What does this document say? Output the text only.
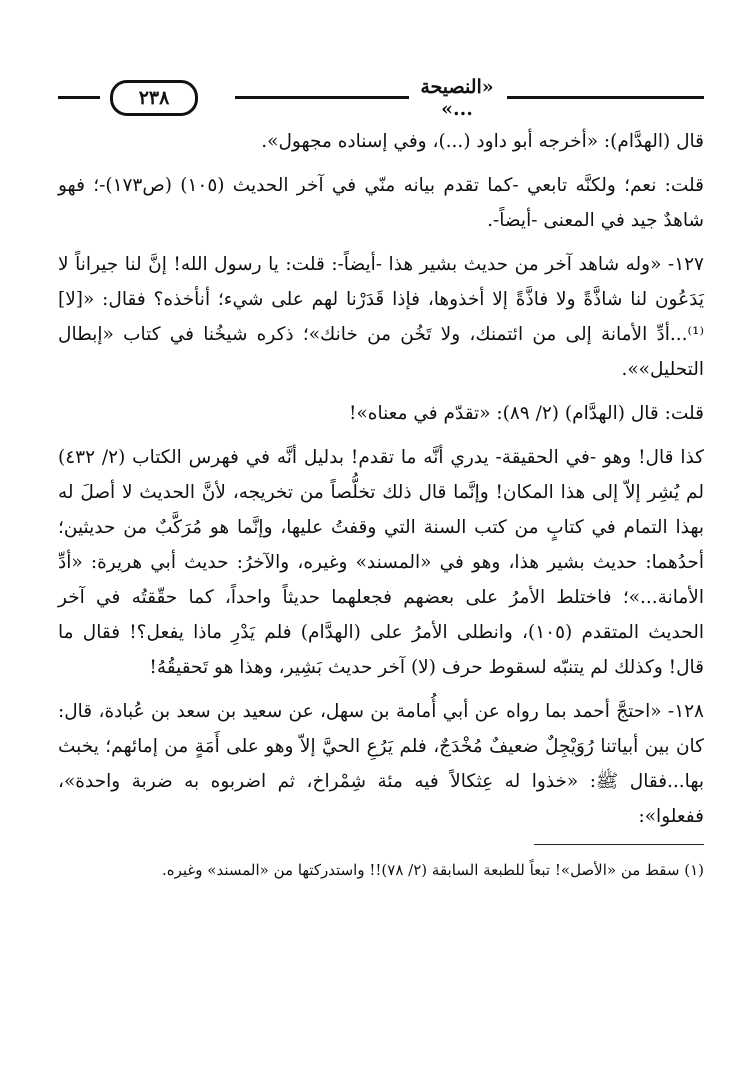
«النصيحة ...»
٢٣٨

قال (الهدَّام): «أخرجه أبو داود (...)، وفي إسناده مجهول».

قلت: نعم؛ ولكنَّه تابعي -كما تقدم بيانه منّي في آخر الحديث (١٠٥) (ص١٧٣)-؛ فهو شاهدٌ جيد في المعنى -أيضاً-.

١٢٧- «وله شاهد آخر من حديث بشير هذا -أيضاً-: قلت: يا رسول الله! إنَّ لنا جيراناً لا يَدَعُون لنا شاذَّةً ولا فاذَّةً إلا أخذوها، فإذا قَدَرْنا لهم على شيء؛ أنأخذه؟ فقال: «[لا]⁽¹⁾...أدِّ الأمانة إلى من ائتمنك، ولا تَخُن من خانك»؛ ذكره شيخُنا في كتاب «إبطال التحليل»».

قلت: قال (الهدَّام) (٢/ ٨٩): «تقدّم في معناه»!

كذا قال! وهو -في الحقيقة- يدري أنَّه ما تقدم! بدليل أنَّه في فهرس الكتاب (٢/ ٤٣٢) لم يُشِر إلاّ إلى هذا المكان! وإنَّما قال ذلك تخلُّصاً من تخريجه، لأنَّ الحديث لا أصلَ له بهذا التمام في كتابٍ من كتب السنة التي وقفتُ عليها، وإنَّما هو مُرَكَّبٌ من حديثين؛ أحدُهما: حديث بشير هذا، وهو في «المسند» وغيره، والآخرُ: حديث أبي هريرة: «أدِّ الأمانة...»؛ فاختلط الأمرُ على بعضهم فجعلهما حديثاً واحداً، كما حقّقتُه في آخر الحديث المتقدم (١٠٥)، وانطلى الأمرُ على (الهدَّام) فلم يَدْرِ ماذا يفعل؟! فقال ما قال! وكذلك لم يتنبّه لسقوط حرف (لا) آخر حديث بَشِير، وهذا هو تَحقيقُهُ!

١٢٨- «احتجَّ أحمد بما رواه عن أبي أُمامة بن سهل، عن سعيد بن سعد بن عُبادة، قال: كان بين أبياتنا رُوَيْجِلٌ ضعيفٌ مُخْدَجٌ، فلم يَرُعِ الحيَّ إلاّ وهو على أَمَةٍ من إمائهم؛ يخبث بها...فقال ﷺ: «خذوا له عِثكالاً فيه مئة شِمْراخ، ثم اضربوه به ضربة واحدة»، ففعلوا»:

(١) سقط من «الأصل»! تبعاً للطبعة السابقة (٢/ ٧٨)!! واستدركتها من «المسند» وغيره.
